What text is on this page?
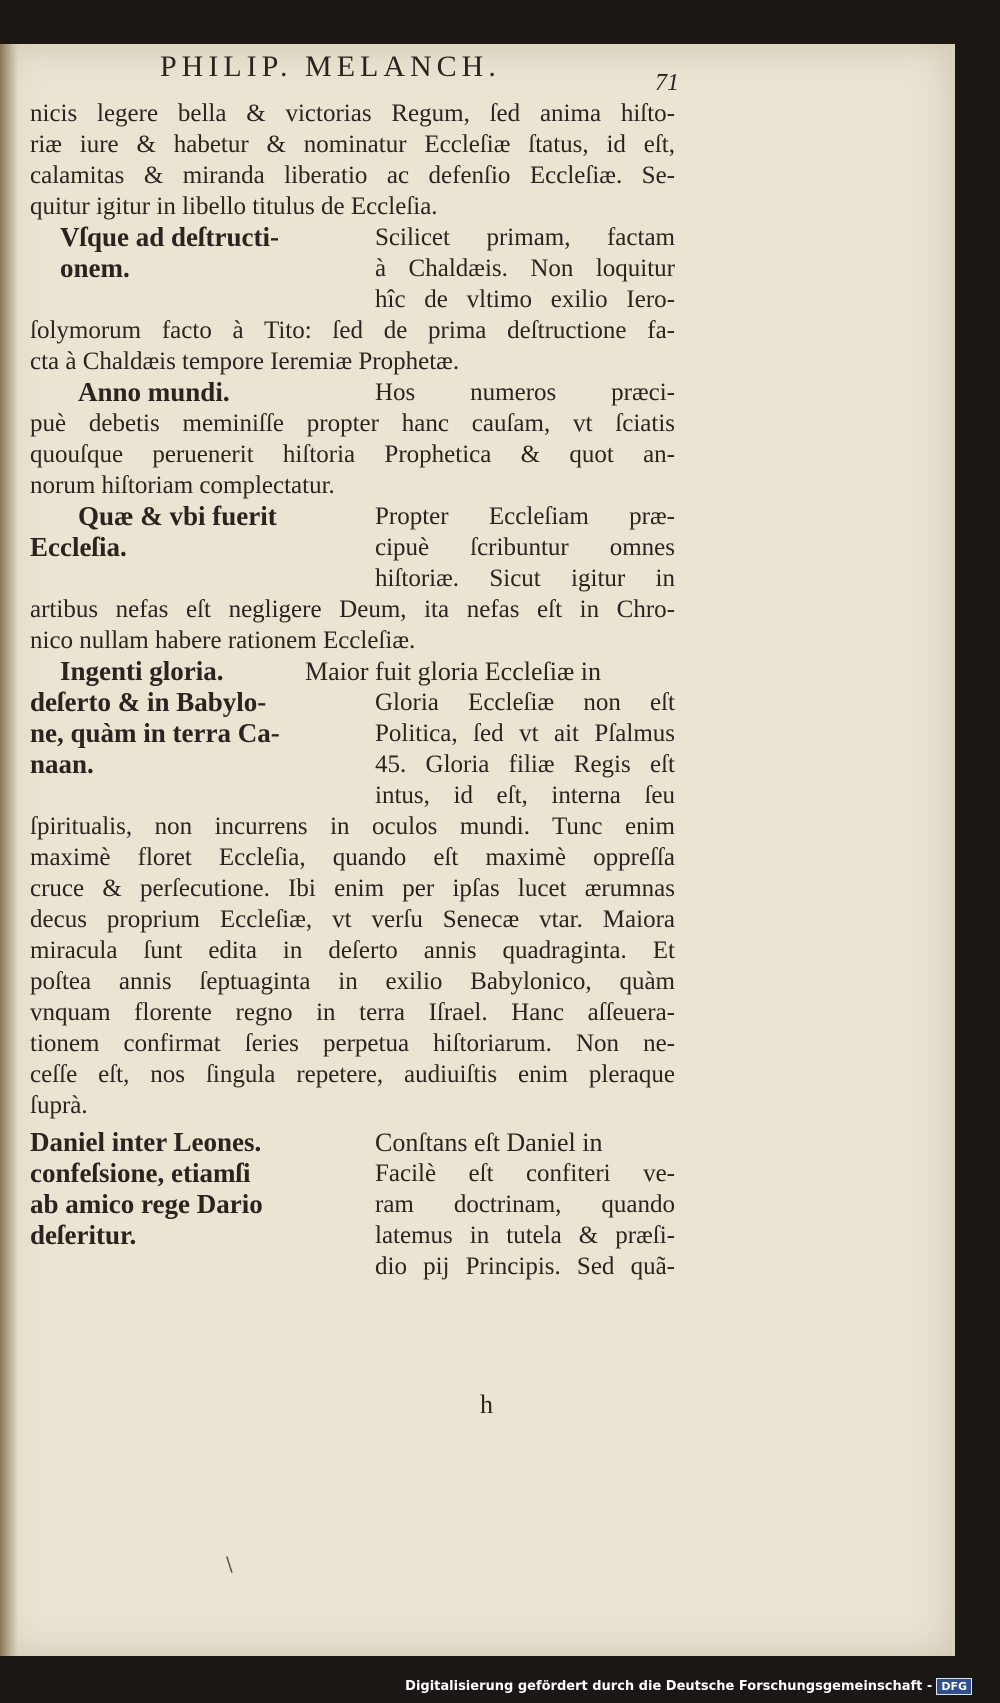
PHILIP. MELANCH.	71
nicis legere bella & victorias Regum, ſed anima hiſto-
riæ iure & habetur & nominatur Eccleſiæ ſtatus, id eſt,
calamitas & miranda liberatio ac defenſio Eccleſiæ. Se-
quitur igitur in libello titulus de Eccleſia.
Vſque ad deſtructi-
onem.
Scilicet primam, factam
à Chaldæis. Non loquitur
hîc de vltimo exilio Iero-
ſolymorum facto à Tito: ſed de prima deſtructione fa-
cta à Chaldæis tempore Ieremiæ Prophetæ.
Anno mundi.	Hos numeros præci-
puè debetis meminiſſe propter hanc cauſam, vt ſciatis
quouſque peruenerit hiſtoria Prophetica & quot an-
norum hiſtoriam complectatur.
Quæ & vbi fuerit
Eccleſia.
Propter Eccleſiam præ-
cipuè ſcribuntur omnes
hiſtoriæ. Sicut igitur in
artibus nefas eſt negligere Deum, ita nefas eſt in Chro-
nico nullam habere rationem Eccleſiæ.
Ingenti gloria.	Maior fuit gloria Eccleſiæ in
deſerto & in Babylo-
ne, quàm in terra Ca-
naan.
Gloria Eccleſiæ non eſt
Politica, ſed vt ait Pſalmus
45. Gloria filiæ Regis eſt
intus, id eſt, interna ſeu
ſpiritualis, non incurrens in oculos mundi. Tunc enim
maximè floret Eccleſia, quando eſt maximè oppreſſa
cruce & perſecutione. Ibi enim per ipſas lucet ærumnas
decus proprium Eccleſiæ, vt verſu Senecæ vtar. Maiora
miracula ſunt edita in deſerto annis quadraginta. Et
poſtea annis ſeptuaginta in exilio Babylonico, quàm
vnquam florente regno in terra Iſrael. Hanc aſſeuera-
tionem confirmat ſeries perpetua hiſtoriarum. Non ne-
ceſſe eſt, nos ſingula repetere, audiuiſtis enim pleraque
ſuprà.
Daniel inter Leones.	Conſtans eſt Daniel in
confeſsione, etiamſi
ab amico rege Dario
deſeritur.
Facilè eſt confiteri ve-
ram doctrinam, quando
latemus in tutela & præſi-
dio pij Principis. Sed quã-
h
\
Digitalisierung gefördert durch die Deutsche Forschungsgemeinschaft - DFG
